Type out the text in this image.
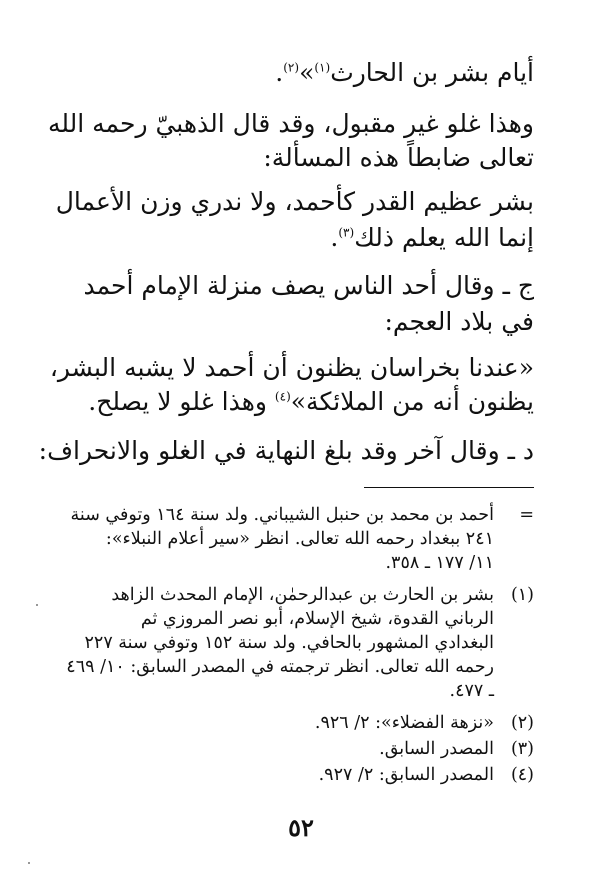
أيام بشر بن الحارث$^{(١)}$»$^{(٢)}$.
وهذا غلو غير مقبول، وقد قال الذهبيّ رحمه الله
تعالى ضابطاً هذه المسألة:
بشر عظيم القدر كأحمد، ولا ندري وزن الأعمال
إنما الله يعلم ذلك$^{(٣)}$.
ج ـ وقال أحد الناس يصف منزلة الإمام أحمد
في بلاد العجم:
«عندنا بخراسان يظنون أن أحمد لا يشبه البشر،
يظنون أنه من الملائكة»$^{(٤)}$ وهذا غلو لا يصلح.
د ـ وقال آخر وقد بلغ النهاية في الغلو والانحراف:
=
أحمد بن محمد بن حنبل الشيباني. ولد سنة ١٦٤ وتوفي سنة
٢٤١ ببغداد رحمه الله تعالى. انظر «سير أعلام النبلاء»:
١١/ ١٧٧ ـ ٣٥٨.
(١)
بشر بن الحارث بن عبدالرحمٰن، الإمام المحدث الزاهد
الرباني القدوة، شيخ الإسلام، أبو نصر المروزي ثم
البغدادي المشهور بالحافي. ولد سنة ١٥٢ وتوفي سنة ٢٢٧
رحمه الله تعالى. انظر ترجمته في المصدر السابق: ١٠/ ٤٦٩
ـ ٤٧٧.
(٢)
«نزهة الفضلاء»: ٢/ ٩٢٦.
(٣)
المصدر السابق.
(٤)
المصدر السابق: ٢/ ٩٢٧.
٥٢
